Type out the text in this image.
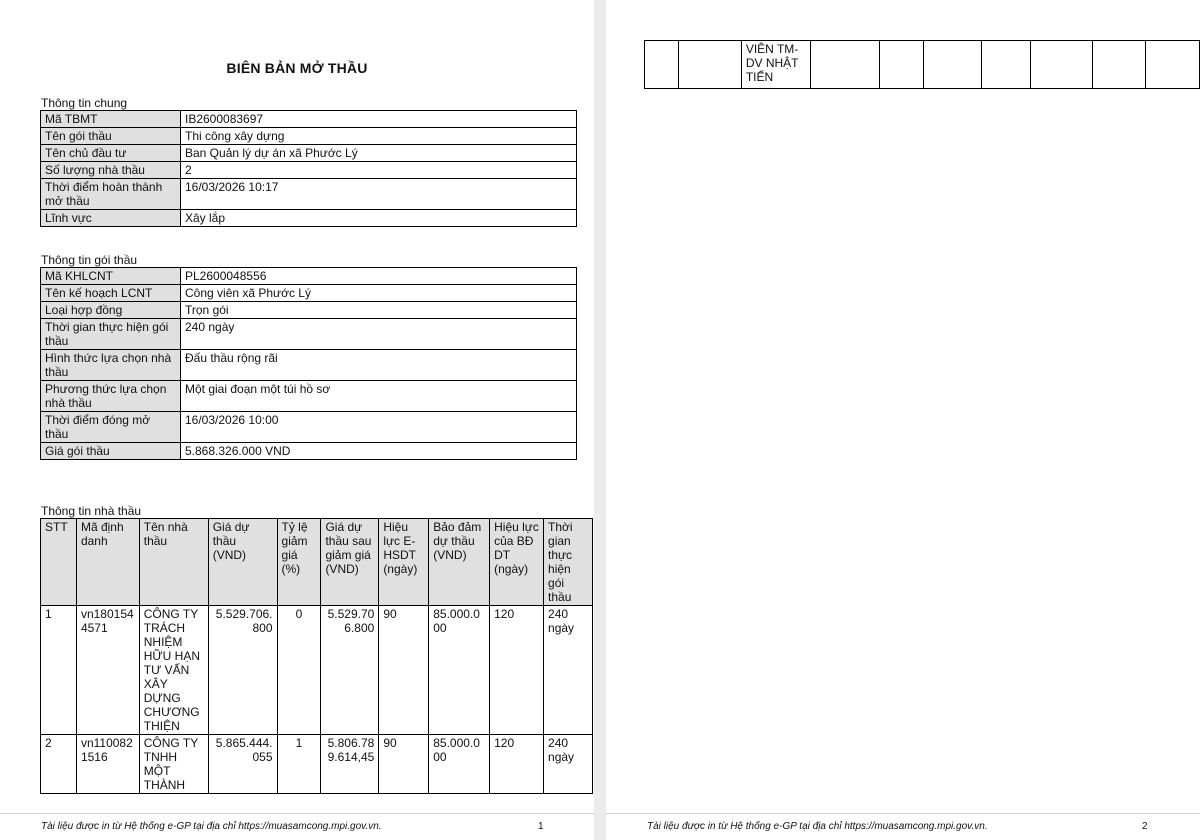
BIÊN BẢN MỞ THẦU
Thông tin chung
Mã TBMT	IB2600083697
Tên gói thầu	Thi công xây dựng
Tên chủ đầu tư	Ban Quản lý dự án xã Phước Lý
Số lượng nhà thầu	2
Thời điểm hoàn thành mở thầu	16/03/2026 10:17
Lĩnh vực	Xây lắp
Thông tin gói thầu
Mã KHLCNT	PL2600048556
Tên kế hoạch LCNT	Công viên xã Phước Lý
Loại hợp đồng	Trọn gói
Thời gian thực hiện gói thầu	240 ngày
Hình thức lựa chọn nhà thầu	Đấu thầu rộng rãi
Phương thức lựa chọn nhà thầu	Một giai đoạn một túi hồ sơ
Thời điểm đóng mở thầu	16/03/2026 10:00
Giá gói thầu	5.868.326.000 VND
Thông tin nhà thầu
STT	Mã định danh	Tên nhà thầu	Giá dự thầu (VND)	Tỷ lệ giảm giá (%)	Giá dự thầu sau giảm giá (VND)	Hiệu lực E-HSDT (ngày)	Bảo đảm dự thầu (VND)	Hiệu lực của BĐ DT (ngày)	Thời gian thực hiện gói thầu
1	vn1801544571	CÔNG TY TRÁCH NHIỆM HỮU HẠN TƯ VẤN XÂY DỰNG CHƯƠNG THIỆN	5.529.706.800	0	5.529.706.800	90	85.000.000	120	240 ngày
2	vn1100821516	CÔNG TY TNHH MỘT THÀNH	5.865.444.055	1	5.806.789.614,45	90	85.000.000	120	240 ngày
Tài liệu được in từ Hệ thống e-GP tại địa chỉ https://muasamcong.mpi.gov.vn.	1
		VIÊN TM-DV NHẬT TIẾN							
Tài liệu được in từ Hệ thống e-GP tại địa chỉ https://muasamcong.mpi.gov.vn.	2
